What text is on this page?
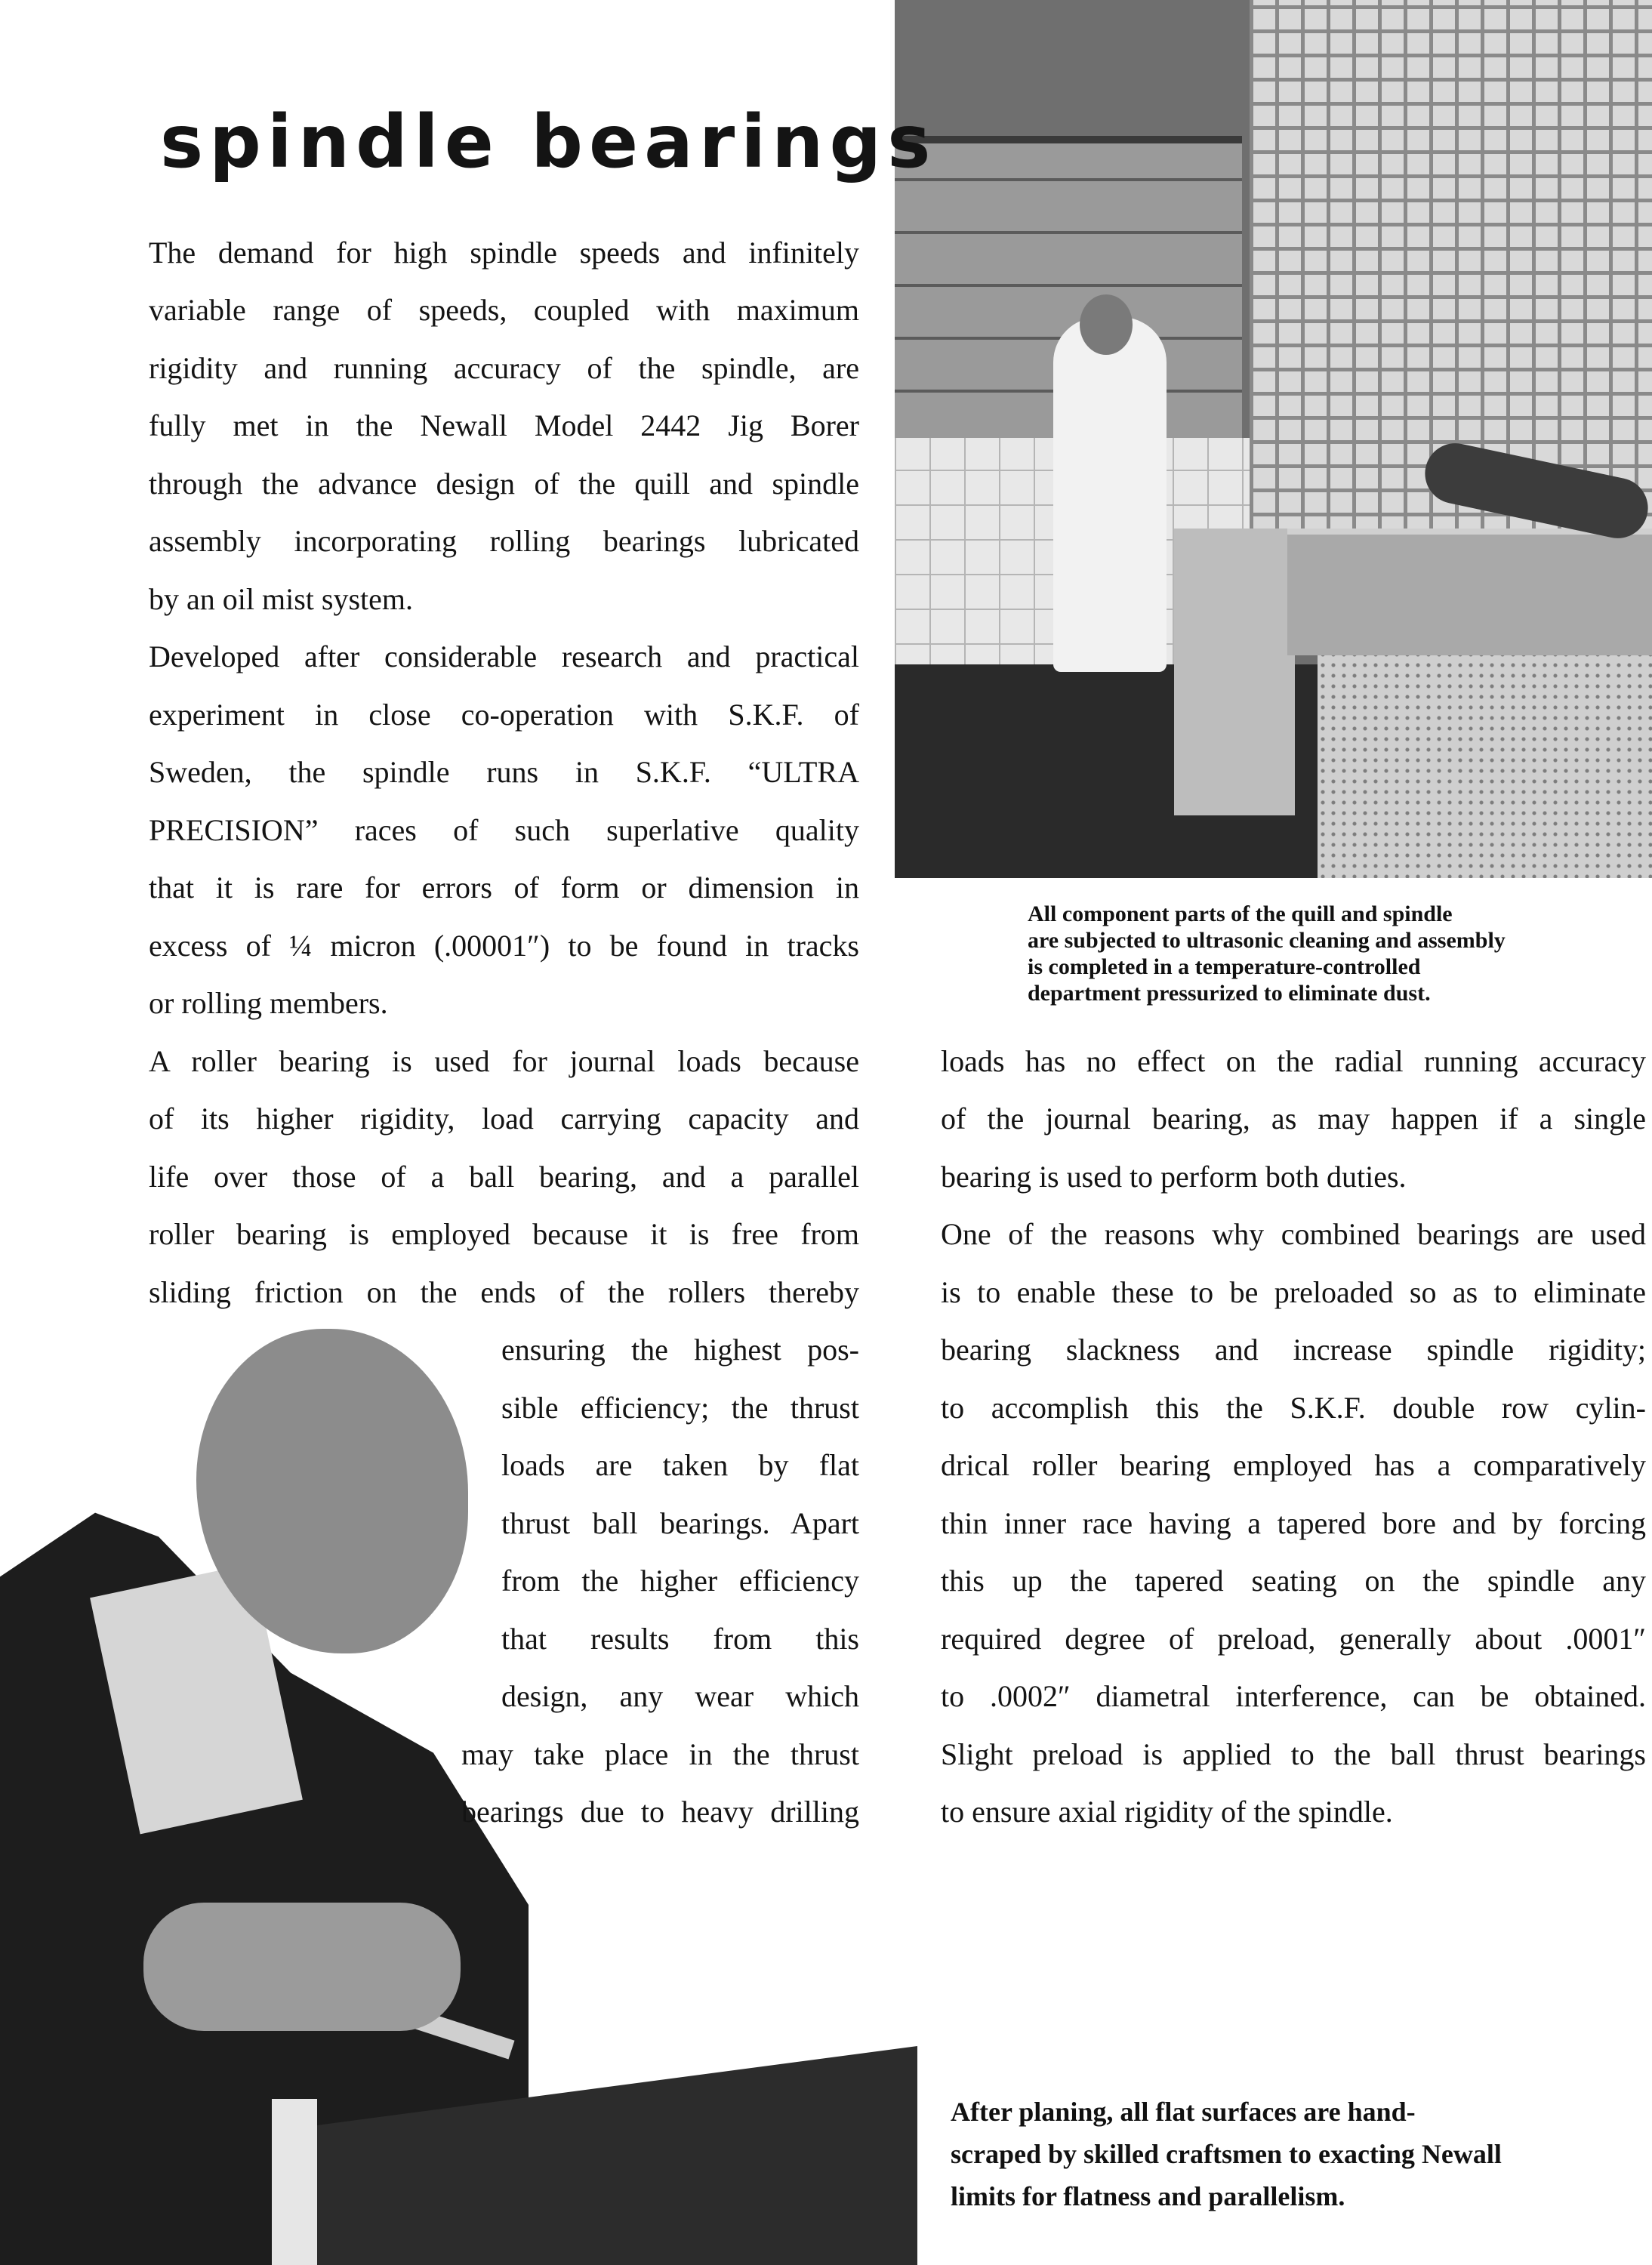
spindle bearings

The demand for high spindle speeds and infinitely

variable range of speeds, coupled with maximum

rigidity and running accuracy of the spindle, are

fully met in the Newall Model 2442 Jig Borer

through the advance design of the quill and spindle

assembly incorporating rolling bearings lubricated

by an oil mist system.

Developed after considerable research and practical

experiment in close co-operation with S.K.F. of

Sweden, the spindle runs in S.K.F. “ULTRA

PRECISION” races of such superlative quality

that it is rare for errors of form or dimension in

excess of ¼ micron (.00001″) to be found in tracks

or rolling members.

A roller bearing is used for journal loads because

of its higher rigidity, load carrying capacity and

life over those of a ball bearing, and a parallel

roller bearing is employed because it is free from

sliding friction on the ends of the rollers thereby

ensuring the highest pos-

sible efficiency; the thrust

loads are taken by flat

thrust ball bearings. Apart

from the higher efficiency

that results from this

design, any wear which

may take place in the thrust

bearings due to heavy drilling

All component parts of the quill and spindle

are subjected to ultrasonic cleaning and assembly

is completed in a temperature-controlled

department pressurized to eliminate dust.

loads has no effect on the radial running accuracy

of the journal bearing, as may happen if a single

bearing is used to perform both duties.

One of the reasons why combined bearings are used

is to enable these to be preloaded so as to eliminate

bearing slackness and increase spindle rigidity;

to accomplish this the S.K.F. double row cylin-

drical roller bearing employed has a comparatively

thin inner race having a tapered bore and by forcing

this up the tapered seating on the spindle any

required degree of preload, generally about .0001″

to .0002″ diametral interference, can be obtained.

Slight preload is applied to the ball thrust bearings

to ensure axial rigidity of the spindle.

After planing, all flat surfaces are hand-

scraped by skilled craftsmen to exacting Newall

limits for flatness and parallelism.
